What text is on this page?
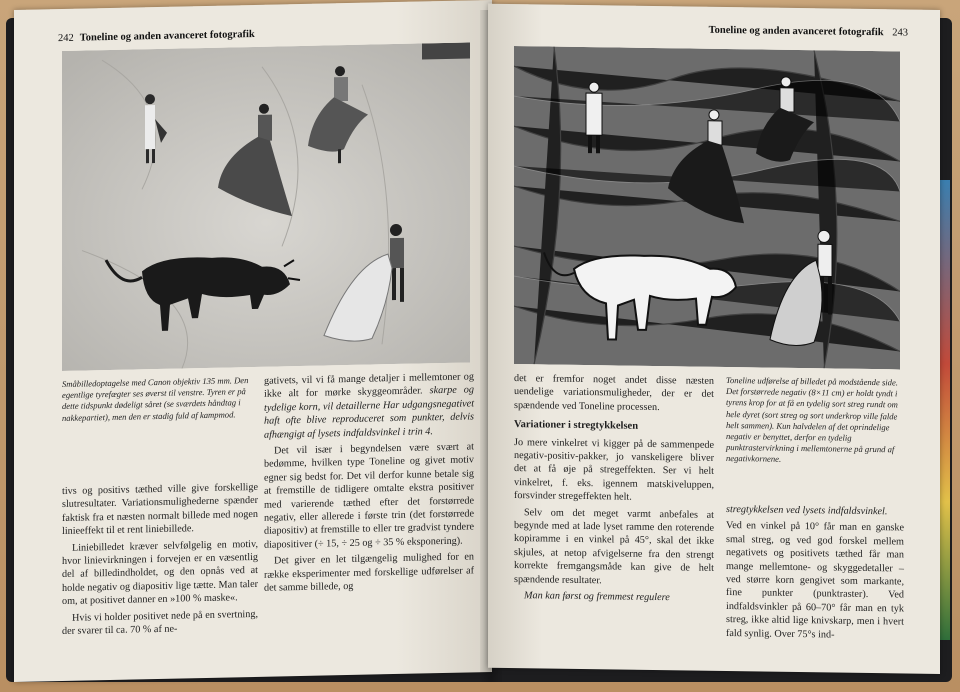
242 Toneline og anden avanceret fotografik
Småbilledoptagelse med Canon objektiv 135 mm. Den egentlige tyrefægter ses øverst til venstre. Tyren er på dette tidspunkt dødeligt såret (se sværdets håndtag i nakkepartiet), men den er stadig fuld af kampmod.

gativets, vil vi få mange detaljer i mellemtoner og ikke alt for mørke skyggeområder. skarpe og tydelige korn, vil detaillerne Har udgangsnegativet haft ofte blive reproduceret som punkter, delvis afhængigt af lysets indfaldsvinkel i trin 4.

Det vil især i begyndelsen være svært at bedømme, hvilken type Toneline og givet motiv egner sig bedst for. Det vil derfor kunne betale sig at fremstille de tidligere omtalte ekstra positiver med varierende tæthed efter det forstørrede negativ, eller allerede i første trin (det forstørrede diapositiv) at fremstille to eller tre gradvist tyndere diapositiver (÷ 15, ÷ 25 og ÷ 35 % eksponering).

Det giver en let tilgængelig mulighed for en række eksperimenter med forskellige udførelser af det samme billede, og

tivs og positivs tæthed ville give forskellige slutresultater. Variationsmulighederne spænder faktisk fra et næsten normalt billede med nogen linieeffekt til et rent liniebillede.

Liniebilledet kræver selvfølgelig en motiv, hvor linievirkningen i forvejen er en væsentlig del af billedindholdet, og den opnås ved at holde negativ og diapositiv lige tætte. Man taler om, at positivet danner en »100 % maske«.

Hvis vi holder positivet nede på en svertning, der svarer til ca. 70 % af ne-

Toneline og anden avanceret fotografik 243

det er fremfor noget andet disse næsten uendelige variationsmuligheder, der er det spændende ved Toneline processen.

Variationer i stregtykkelsen

Jo mere vinkelret vi kigger på de sammenpede negativ-positiv-pakker, jo vanskeligere bliver det at få øje på stregeffekten. Ser vi helt vinkelret, f. eks. igennem matskiveluppen, forsvinder stregeffekten helt.

Selv om det meget varmt anbefales at begynde med at lade lyset ramme den roterende kopiramme i en vinkel på 45°, skal det ikke skjules, at netop afvigelserne fra den strengt korrekte fremgangsmåde kan give de helt spændende resultater.

Man kan først og fremmest regulere

Toneline udførelse af billedet på modstående side. Det forstørrede negativ (8×11 cm) er holdt tyndt i tyrens krop for at få en tydelig sort streg rundt om hele dyret (sort streg og sort underkrop ville falde helt sammen). Kun halvdelen af det oprindelige negativ er benyttet, derfor en tydelig punktrastervirkning i mellemtonerne på grund af negativkornene.

stregtykkelsen ved lysets indfaldsvinkel.

Ved en vinkel på 10° får man en ganske smal streg, og ved god forskel mellem negativets og positivets tæthed får man mange mellemtone- og skyggedetaller – ved større korn gengivet som markante, fine punkter (punktraster). Ved indfaldsvinkler på 60–70° får man en tyk streg, ikke altid lige knivskarp, men i hvert fald synlig. Over 75°s ind-
